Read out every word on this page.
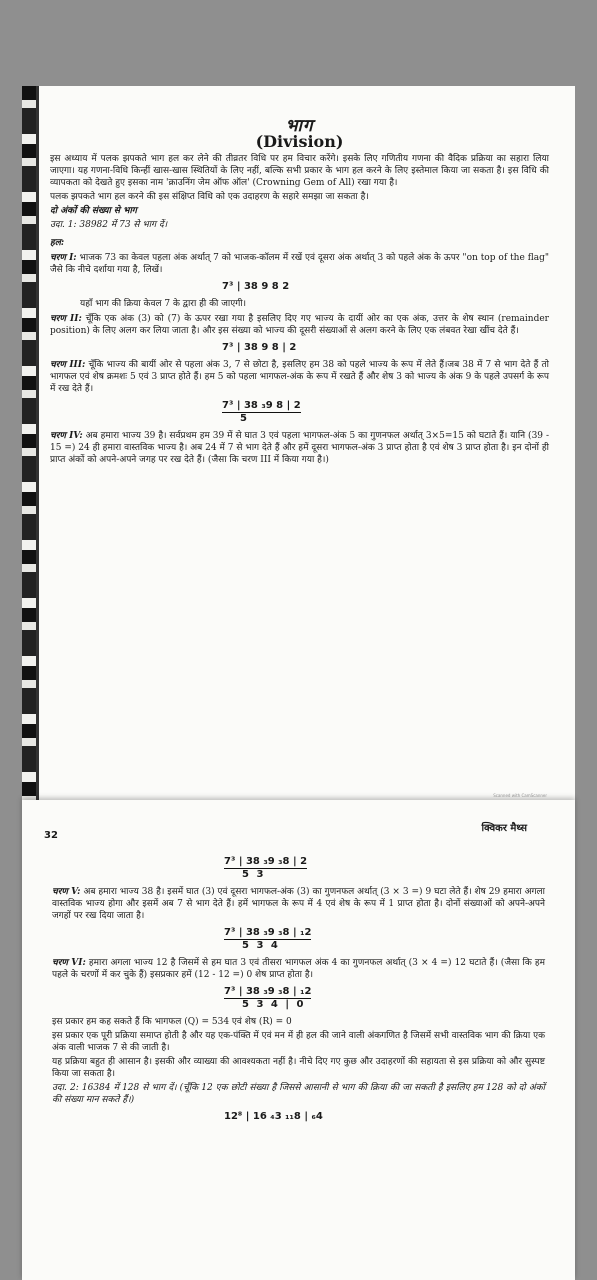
भाग
(Division)

इस अध्याय में पलक झपकते भाग हल कर लेने की तीव्रतर विधि पर हम विचार करेंगे। इसके लिए गणितीय गणना की वैदिक प्रक्रिया का सहारा लिया जाएगा। यह गणना-विधि किन्हीं खास-खास स्थितियों के लिए नहीं, बल्कि सभी प्रकार के भाग हल करने के लिए इस्तेमाल किया जा सकता है। इस विधि की व्यापकता को देखते हुए इसका नाम 'क्राउनिंग जेम ऑफ ऑल' (Crowning Gem of All) रखा गया है।

पलक झपकते भाग हल करने की इस संक्षिप्त विधि को एक उदाहरण के सहारे समझा जा सकता है।

दो अंकों की संख्या से भाग

उदा. 1: 38982 में 73 से भाग दें।

हल:

चरण I: भाजक 73 का केवल पहला अंक अर्थात् 7 को भाजक-कॉलम में रखें एवं दूसरा अंक अर्थात् 3 को पहले अंक के ऊपर "on top of the flag" जैसे कि नीचे दर्शाया गया है, लिखें।

7³ | 38 9 8 2

यहाँ भाग की क्रिया केवल 7 के द्वारा ही की जाएगी।

चरण II: चूँकि एक अंक (3) को (7) के ऊपर रखा गया है इसलिए दिए गए भाज्य के दायीं ओर का एक अंक, उत्तर के शेष स्थान (remainder position) के लिए अलग कर लिया जाता है। और इस संख्या को भाज्य की दूसरी संख्याओं से अलग करने के लिए एक लंबवत रेखा खींच देते हैं।

7³ | 38 9 8 | 2

चरण III: चूँकि भाज्य की बायीं ओर से पहला अंक 3, 7 से छोटा है, इसलिए हम 38 को पहले भाज्य के रूप में लेते हैं।जब 38 में 7 से भाग देते हैं तो भागफल एवं शेष क्रमशः 5 एवं 3 प्राप्त होते हैं। हम 5 को पहला भागफल-अंक के रूप में रखते हैं और शेष 3 को भाज्य के अंक 9 के पहले उपसर्ग के रूप में रख देते हैं।

7³ | 38 ₃9 8 | 2
5

चरण IV: अब हमारा भाज्य 39 है। सर्वप्रथम हम 39 में से घात 3 एवं पहला भागफल-अंक 5 का गुणनफल अर्थात् 3×5=15 को घटाते हैं। यानि (39 - 15 =) 24 ही हमारा वास्तविक भाज्य है। अब 24 में 7 से भाग देते हैं और हमें दूसरा भागफल-अंक 3 प्राप्त होता है एवं शेष 3 प्राप्त होता है। इन दोनों ही प्राप्त अंकों को अपने-अपने जगह पर रख देते हैं। (जैसा कि चरण III में किया गया है।)

Scanned with CamScanner
32
क्विकर मैथ्स
7³ | 38 ₃9 ₃8 | 2
5 3

चरण V: अब हमारा भाज्य 38 है। इसमें घात (3) एवं दूसरा भागफल-अंक (3) का गुणनफल अर्थात् (3 × 3 =) 9 घटा लेते हैं। शेष 29 हमारा अगला वास्तविक भाज्य होगा और इसमें अब 7 से भाग देते हैं। हमें भागफल के रूप में 4 एवं शेष के रूप में 1 प्राप्त होता है। दोनों संख्याओं को अपने-अपने जगहों पर रख दिया जाता है।

7³ | 38 ₃9 ₃8 | ₁2
5 3 4

चरण VI: हमारा अगला भाज्य 12 है जिसमें से हम घात 3 एवं तीसरा भागफल अंक 4 का गुणनफल अर्थात् (3 × 4 =) 12 घटाते हैं। (जैसा कि हम पहले के चरणों में कर चुके हैं) इसप्रकार हमें (12 - 12 =) 0 शेष प्राप्त होता है।

7³ | 38 ₃9 ₃8 | ₁2
5 3 4 | 0

इस प्रकार हम कह सकते हैं कि भागफल (Q) = 534 एवं शेष (R) = 0

इस प्रकार एक पूरी प्रक्रिया समाप्त होती है और यह एक-पंक्ति में एवं मन में ही हल की जाने वाली अंकगणित है जिसमें सभी वास्तविक भाग की क्रिया एक अंक वाली भाजक 7 से की जाती है।

यह प्रक्रिया बहुत ही आसान है। इसकी और व्याख्या की आवश्यकता नहीं है। नीचे दिए गए कुछ और उदाहरणों की सहायता से इस प्रक्रिया को और सुस्पष्ट किया जा सकता है।

उदा. 2: 16384 में 128 से भाग दें। (चूँकि 12 एक छोटी संख्या है जिससे आसानी से भाग की क्रिया की जा सकती है इसलिए हम 128 को दो अंकों की संख्या मान सकते हैं।)

12⁸ | 16 ₄3 ₁₁8 | ₆4
